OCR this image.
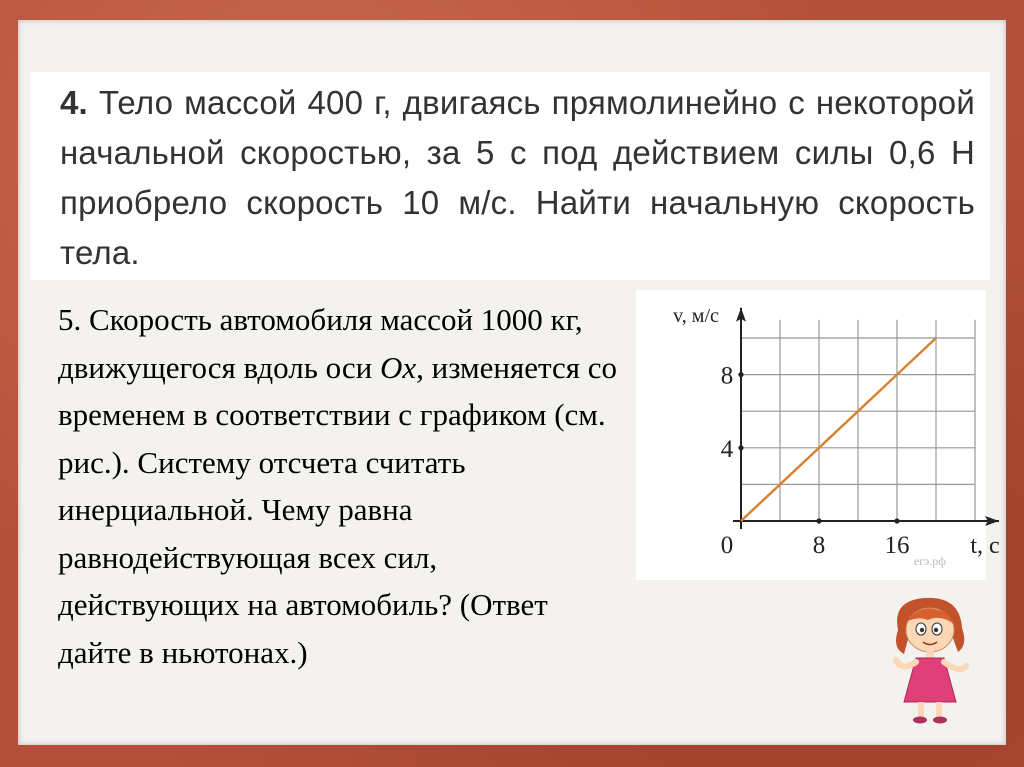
4. Тело массой 400 г, двигаясь прямолинейно с некоторой начальной скоростью, за 5 с под действием силы 0,6 Н приобрело скорость 10 м/с. Найти начальную скорость тела.
5. Скорость автомобиля массой 1000 кг, движущегося вдоль оси Ox, изменяется со временем в соответствии с графиком (см. рис.). Систему отсчета считать инерциальной. Чему равна равнодействующая всех сил, действующих на автомобиль? (Ответ дайте в ньютонах.)
0	8 16
4
8
v, м/с
t, c
егэ.рф
